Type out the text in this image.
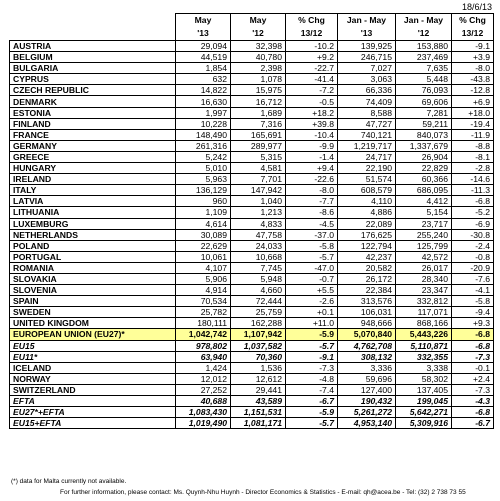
18/6/13
	May	May	% Chg	Jan - May	Jan - May	% Chg
	'13	'12	13/12	'13	'12	13/12
AUSTRIA	29,094	32,398	-10.2	139,925	153,880	-9.1
BELGIUM	44,519	40,780	+9.2	246,715	237,469	+3.9
BULGARIA	1,854	2,398	-22.7	7,027	7,635	-8.0
CYPRUS	632	1,078	-41.4	3,063	5,448	-43.8
CZECH REPUBLIC	14,822	15,975	-7.2	66,336	76,093	-12.8
DENMARK	16,630	16,712	-0.5	74,409	69,606	+6.9
ESTONIA	1,997	1,689	+18.2	8,588	7,281	+18.0
FINLAND	10,228	7,316	+39.8	47,727	59,211	-19.4
FRANCE	148,490	165,691	-10.4	740,121	840,073	-11.9
GERMANY	261,316	289,977	-9.9	1,219,717	1,337,679	-8.8
GREECE	5,242	5,315	-1.4	24,717	26,904	-8.1
HUNGARY	5,010	4,581	+9.4	22,190	22,829	-2.8
IRELAND	5,963	7,701	-22.6	51,574	60,366	-14.6
ITALY	136,129	147,942	-8.0	608,579	686,095	-11.3
LATVIA	960	1,040	-7.7	4,110	4,412	-6.8
LITHUANIA	1,109	1,213	-8.6	4,886	5,154	-5.2
LUXEMBURG	4,614	4,833	-4.5	22,089	23,717	-6.9
NETHERLANDS	30,089	47,758	-37.0	176,625	255,240	-30.8
POLAND	22,629	24,033	-5.8	122,794	125,799	-2.4
PORTUGAL	10,061	10,668	-5.7	42,237	42,572	-0.8
ROMANIA	4,107	7,745	-47.0	20,582	26,017	-20.9
SLOVAKIA	5,906	5,948	-0.7	26,172	28,340	-7.6
SLOVENIA	4,914	4,660	+5.5	22,384	23,347	-4.1
SPAIN	70,534	72,444	-2.6	313,576	332,812	-5.8
SWEDEN	25,782	25,759	+0.1	106,031	117,071	-9.4
UNITED KINGDOM	180,111	162,288	+11.0	948,666	868,166	+9.3
EUROPEAN UNION (EU27)*	1,042,742	1,107,942	-5.9	5,070,840	5,443,226	-6.8
EU15	978,802	1,037,582	-5.7	4,762,708	5,110,871	-6.8
EU11*	63,940	70,360	-9.1	308,132	332,355	-7.3
ICELAND	1,424	1,536	-7.3	3,336	3,338	-0.1
NORWAY	12,012	12,612	-4.8	59,696	58,302	+2.4
SWITZERLAND	27,252	29,441	-7.4	127,400	137,405	-7.3
EFTA	40,688	43,589	-6.7	190,432	199,045	-4.3
EU27*+EFTA	1,083,430	1,151,531	-5.9	5,261,272	5,642,271	-6.8
EU15+EFTA	1,019,490	1,081,171	-5.7	4,953,140	5,309,916	-6.7
(*) data for Malta currently not available.
For further information, please contact: Ms. Quynh-Nhu Huynh - Director Economics & Statistics - E-mail: qh@acea.be - Tel: (32) 2 738 73 55
